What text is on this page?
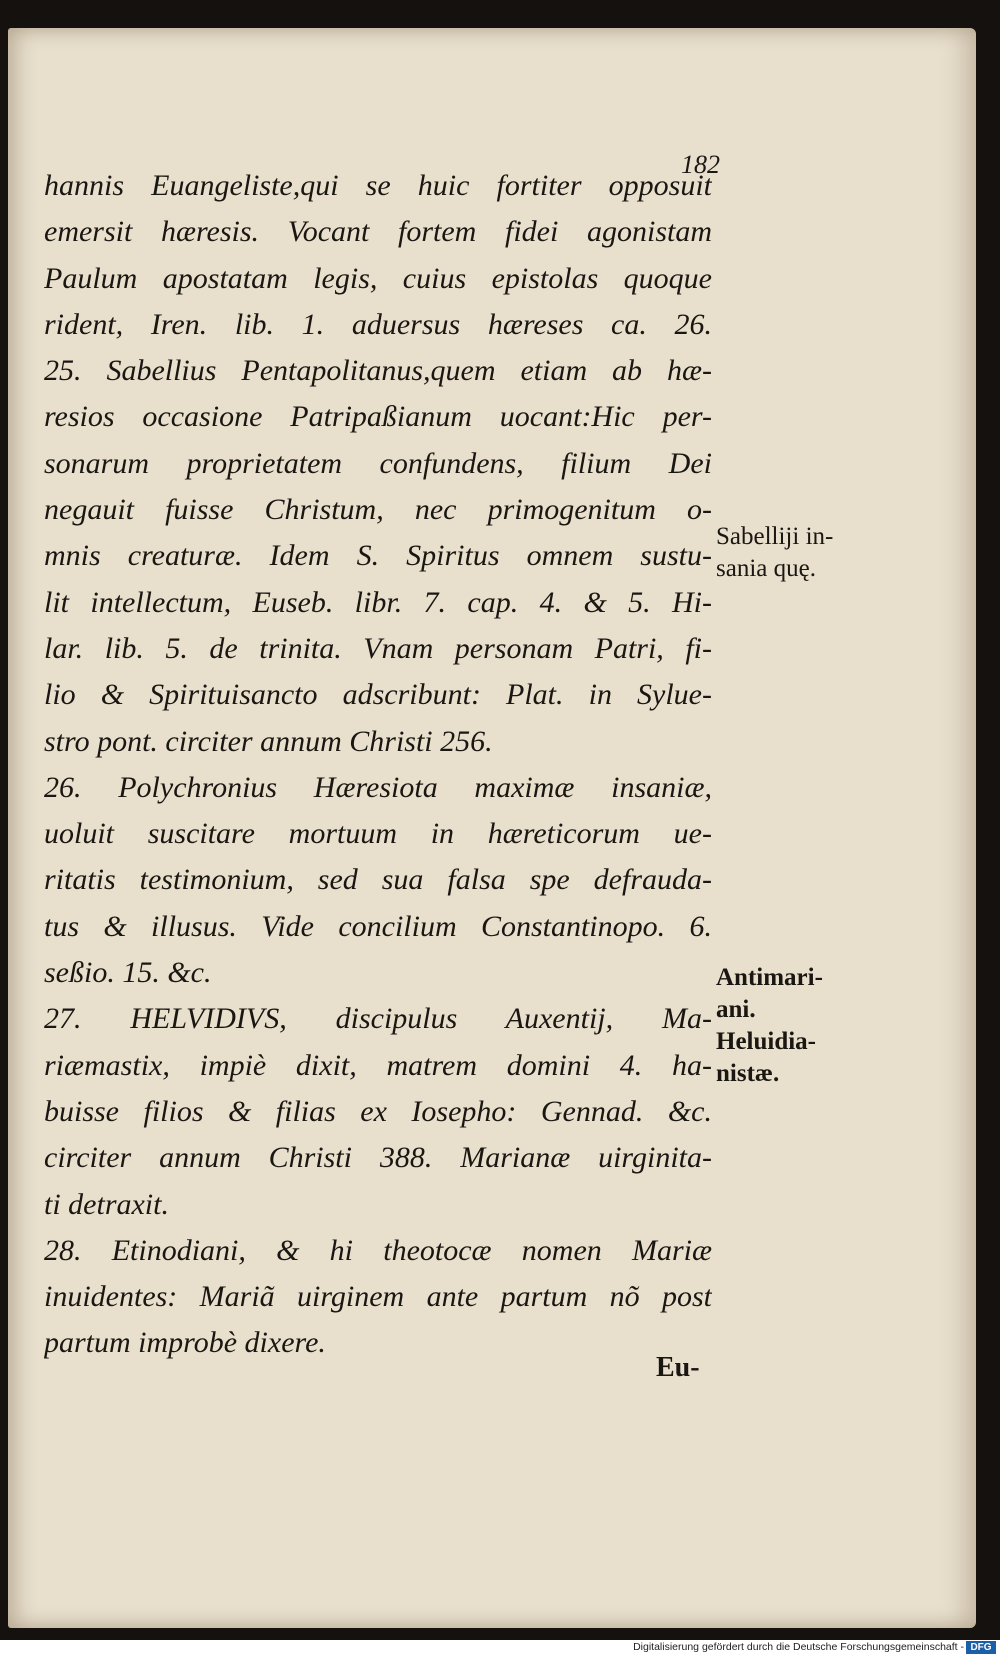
182
hannis Euangeliste,qui se huic fortiter opposuit
emersit hæresis. Vocant fortem fidei agonistam
Paulum apostatam legis, cuius epistolas quoque
rident, Iren. lib. 1. aduersus hæreses ca. 26.
25. Sabellius Pentapolitanus,quem etiam ab hæ-
resios occasione Patripaßianum uocant:Hic per-
sonarum proprietatem confundens, filium Dei
negauit fuisse Christum, nec primogenitum o-
mnis creaturæ. Idem S. Spiritus omnem sustu-
lit intellectum, Euseb. libr. 7. cap. 4. & 5. Hi-
lar. lib. 5. de trinita. Vnam personam Patri, fi-
lio & Spirituisancto adscribunt: Plat. in Sylue-
stro pont. circiter annum Christi 256.
26. Polychronius Hæresiota maximæ insaniæ,
uoluit suscitare mortuum in hæreticorum ue-
ritatis testimonium, sed sua falsa spe defrauda-
tus & illusus. Vide concilium Constantinopo. 6.
seßio. 15. &c.
27. HELVIDIVS, discipulus Auxentij, Ma-
riæmastix, impiè dixit, matrem domini 4. ha-
buisse filios & filias ex Iosepho: Gennad. &c.
circiter annum Christi 388. Marianæ uirginita-
ti detraxit.
28. Etinodiani, & hi theotocæ nomen Mariæ
inuidentes: Mariã uirginem ante partum nõ post
partum improbè dixere.
Sabelliji in-
sania quę.
Antimari-
ani.
Heluidia-
nistæ.
Eu-
Digitalisierung gefördert durch die Deutsche Forschungsgemeinschaft - DFG
